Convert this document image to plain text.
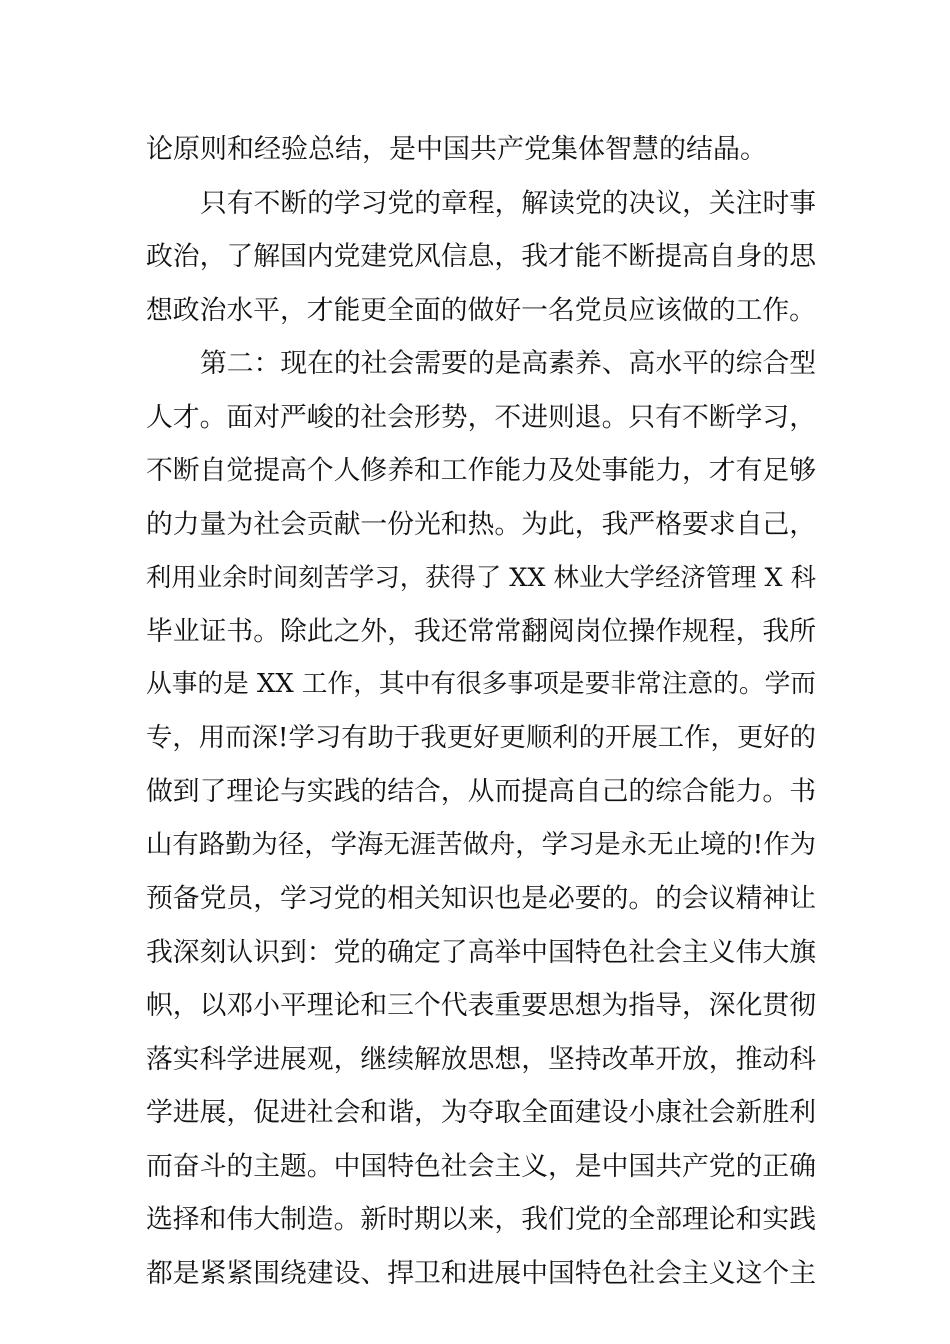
论原则和经验总结，是中国共产党集体智慧的结晶。
只有不断的学习党的章程，解读党的决议，关注时事
政治，了解国内党建党风信息，我才能不断提高自身的思
想政治水平，才能更全面的做好一名党员应该做的工作。
第二：现在的社会需要的是高素养、高水平的综合型
人才。面对严峻的社会形势，不进则退。只有不断学习，
不断自觉提高个人修养和工作能力及处事能力，才有足够
的力量为社会贡献一份光和热。为此，我严格要求自己，
利用业余时间刻苦学习，获得了 XX 林业大学经济管理 X 科
毕业证书。除此之外，我还常常翻阅岗位操作规程，我所
从事的是 XX 工作，其中有很多事项是要非常注意的。学而
专，用而深!学习有助于我更好更顺利的开展工作，更好的
做到了理论与实践的结合，从而提高自己的综合能力。书
山有路勤为径，学海无涯苦做舟，学习是永无止境的!作为
预备党员，学习党的相关知识也是必要的。的会议精神让
我深刻认识到：党的确定了高举中国特色社会主义伟大旗
帜，以邓小平理论和三个代表重要思想为指导，深化贯彻
落实科学进展观，继续解放思想，坚持改革开放，推动科
学进展，促进社会和谐，为夺取全面建设小康社会新胜利
而奋斗的主题。中国特色社会主义，是中国共产党的正确
选择和伟大制造。新时期以来，我们党的全部理论和实践
都是紧紧围绕建设、捍卫和进展中国特色社会主义这个主
